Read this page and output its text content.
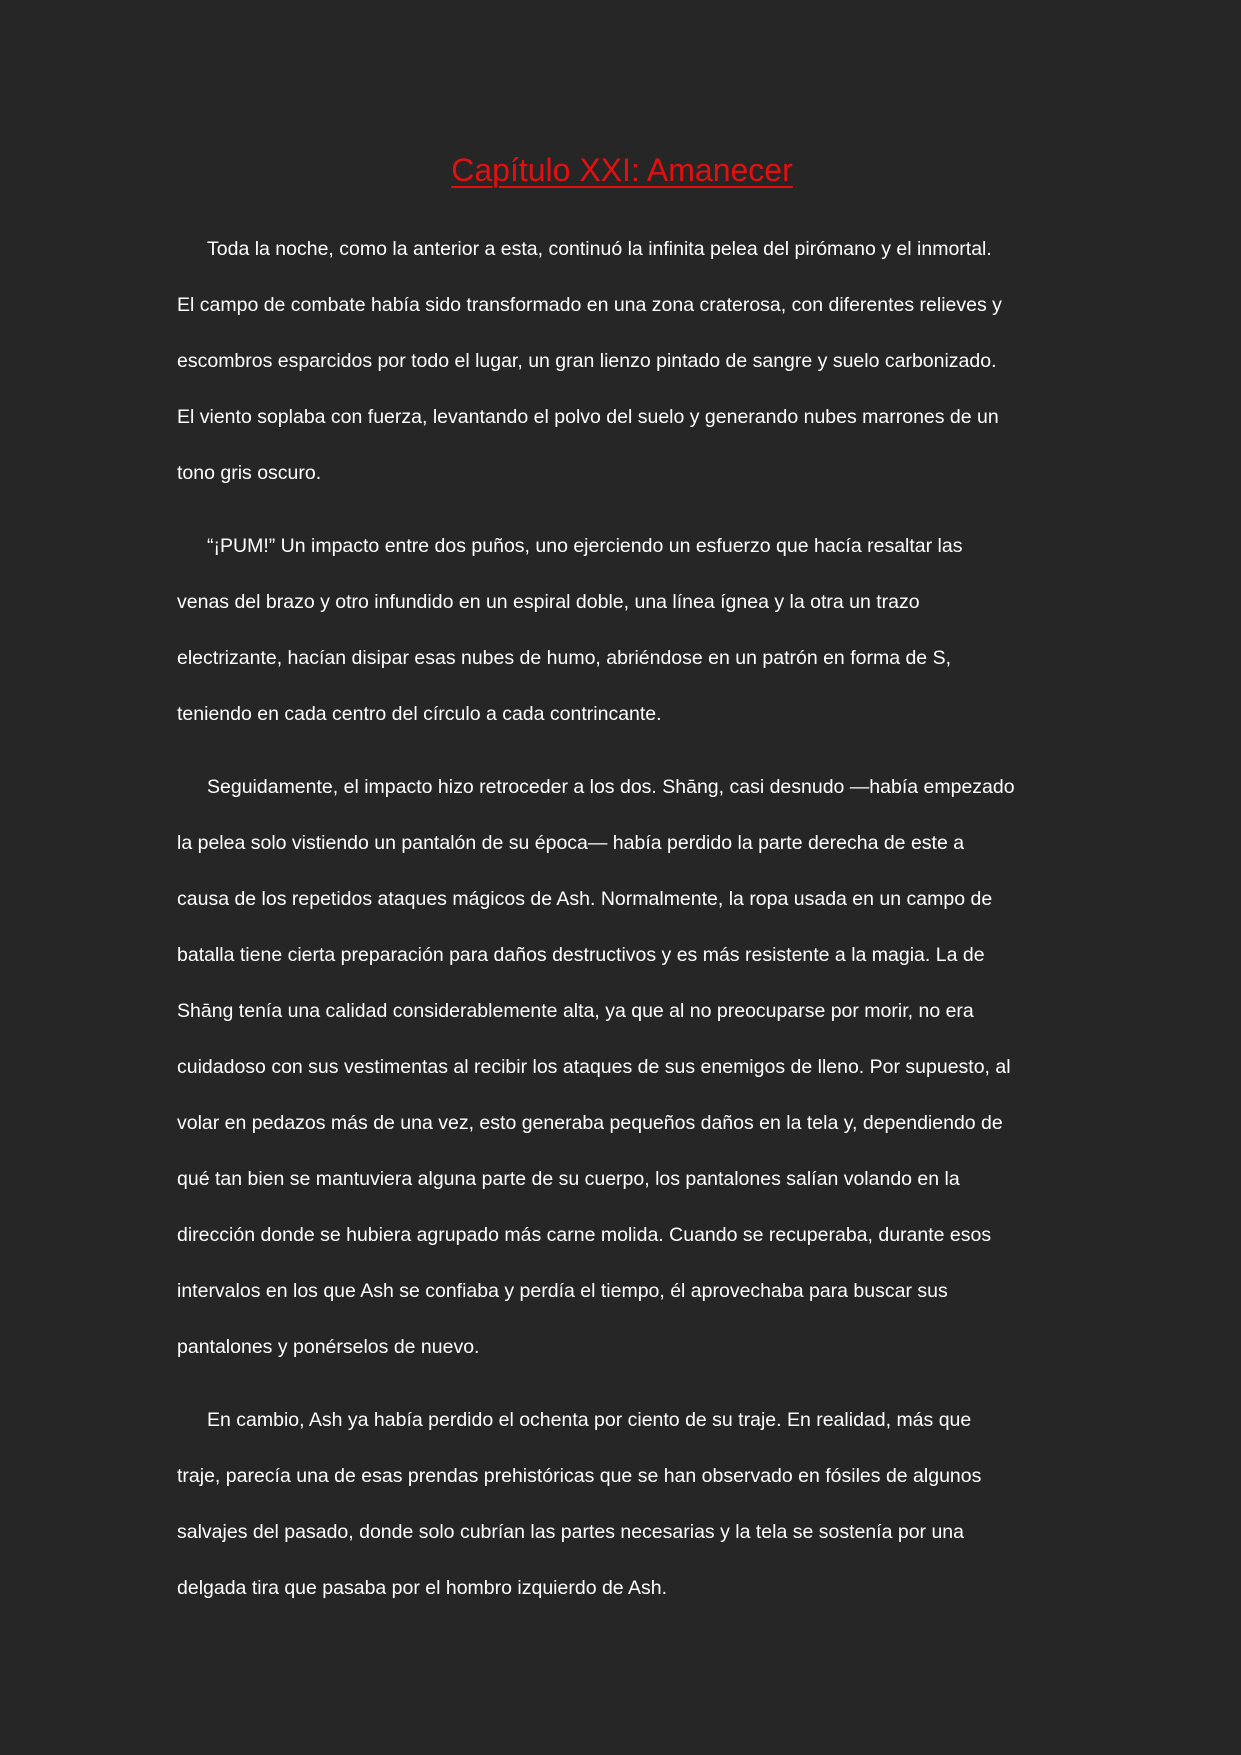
Capítulo XXI: Amanecer

Toda la noche, como la anterior a esta, continuó la infinita pelea del pirómano y el inmortal.
El campo de combate había sido transformado en una zona craterosa, con diferentes relieves y
escombros esparcidos por todo el lugar, un gran lienzo pintado de sangre y suelo carbonizado.
El viento soplaba con fuerza, levantando el polvo del suelo y generando nubes marrones de un
tono gris oscuro.

“¡PUM!” Un impacto entre dos puños, uno ejerciendo un esfuerzo que hacía resaltar las
venas del brazo y otro infundido en un espiral doble, una línea ígnea y la otra un trazo
electrizante, hacían disipar esas nubes de humo, abriéndose en un patrón en forma de S,
teniendo en cada centro del círculo a cada contrincante.

Seguidamente, el impacto hizo retroceder a los dos. Shāng, casi desnudo —había empezado
la pelea solo vistiendo un pantalón de su época— había perdido la parte derecha de este a
causa de los repetidos ataques mágicos de Ash. Normalmente, la ropa usada en un campo de
batalla tiene cierta preparación para daños destructivos y es más resistente a la magia. La de
Shāng tenía una calidad considerablemente alta, ya que al no preocuparse por morir, no era
cuidadoso con sus vestimentas al recibir los ataques de sus enemigos de lleno. Por supuesto, al
volar en pedazos más de una vez, esto generaba pequeños daños en la tela y, dependiendo de
qué tan bien se mantuviera alguna parte de su cuerpo, los pantalones salían volando en la
dirección donde se hubiera agrupado más carne molida. Cuando se recuperaba, durante esos
intervalos en los que Ash se confiaba y perdía el tiempo, él aprovechaba para buscar sus
pantalones y ponérselos de nuevo.

En cambio, Ash ya había perdido el ochenta por ciento de su traje. En realidad, más que
traje, parecía una de esas prendas prehistóricas que se han observado en fósiles de algunos
salvajes del pasado, donde solo cubrían las partes necesarias y la tela se sostenía por una
delgada tira que pasaba por el hombro izquierdo de Ash.
